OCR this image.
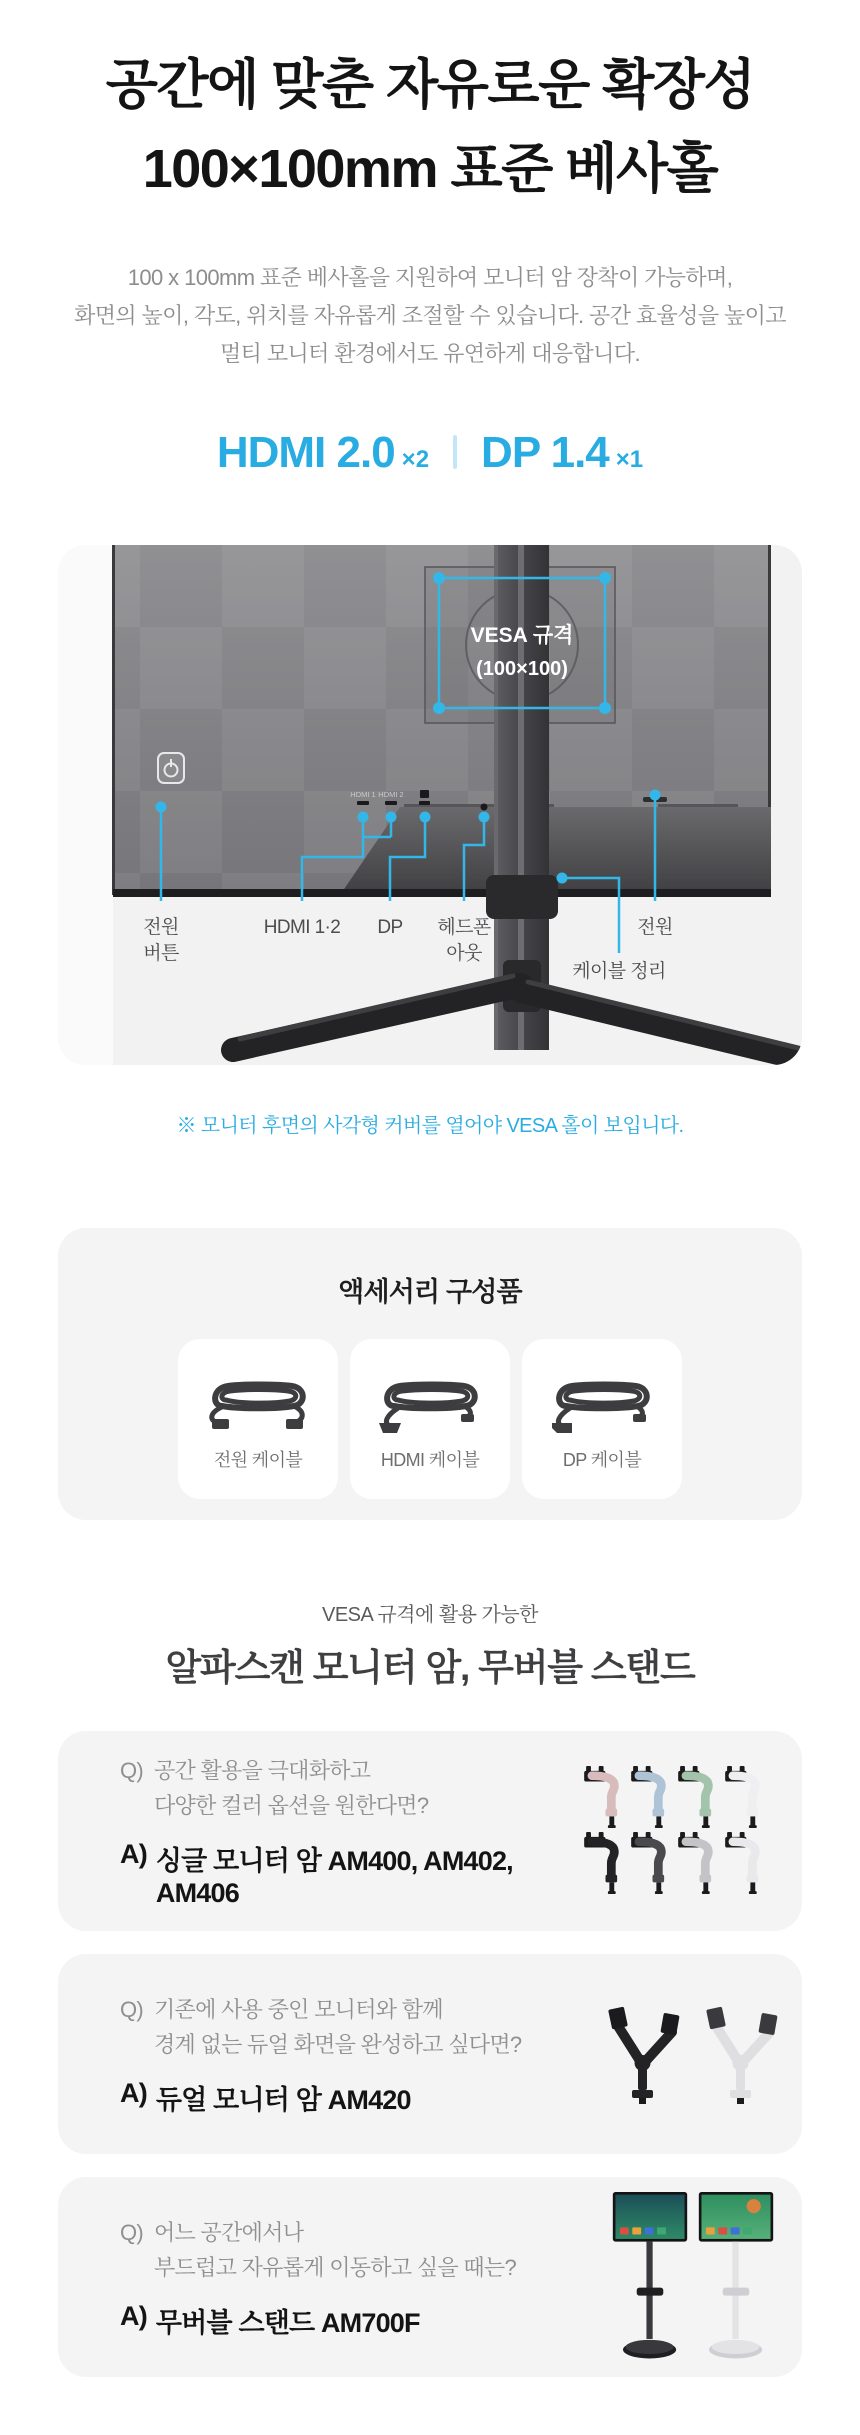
공간에 맞춘 자유로운 확장성
100×100mm 표준 베사홀
100 x 100mm 표준 베사홀을 지원하여 모니터 암 장착이 가능하며,
화면의 높이, 각도, 위치를 자유롭게 조절할 수 있습니다. 공간 효율성을 높이고
멀티 모니터 환경에서도 유연하게 대응합니다.
HDMI 2.0 ×2 DP 1.4 ×1
HDMI 1 HDMI 2
VESA 규격
(100×100)
전원
버튼
HDMI 1·2 DP 헤드폰
아웃
전원
케이블 정리
※ 모니터 후면의 사각형 커버를 열어야 VESA 홀이 보입니다.
액세서리 구성품
전원 케이블	HDMI 케이블	DP 케이블
VESA 규격에 활용 가능한
알파스캔 모니터 암, 무버블 스탠드
Q) 공간 활용을 극대화하고
다양한 컬러 옵션을 원한다면?
A) 싱글 모니터 암 AM400, AM402, AM406
Q) 기존에 사용 중인 모니터와 함께
경계 없는 듀얼 화면을 완성하고 싶다면?
A) 듀얼 모니터 암 AM420
Q) 어느 공간에서나
부드럽고 자유롭게 이동하고 싶을 때는?
A) 무버블 스탠드 AM700F
